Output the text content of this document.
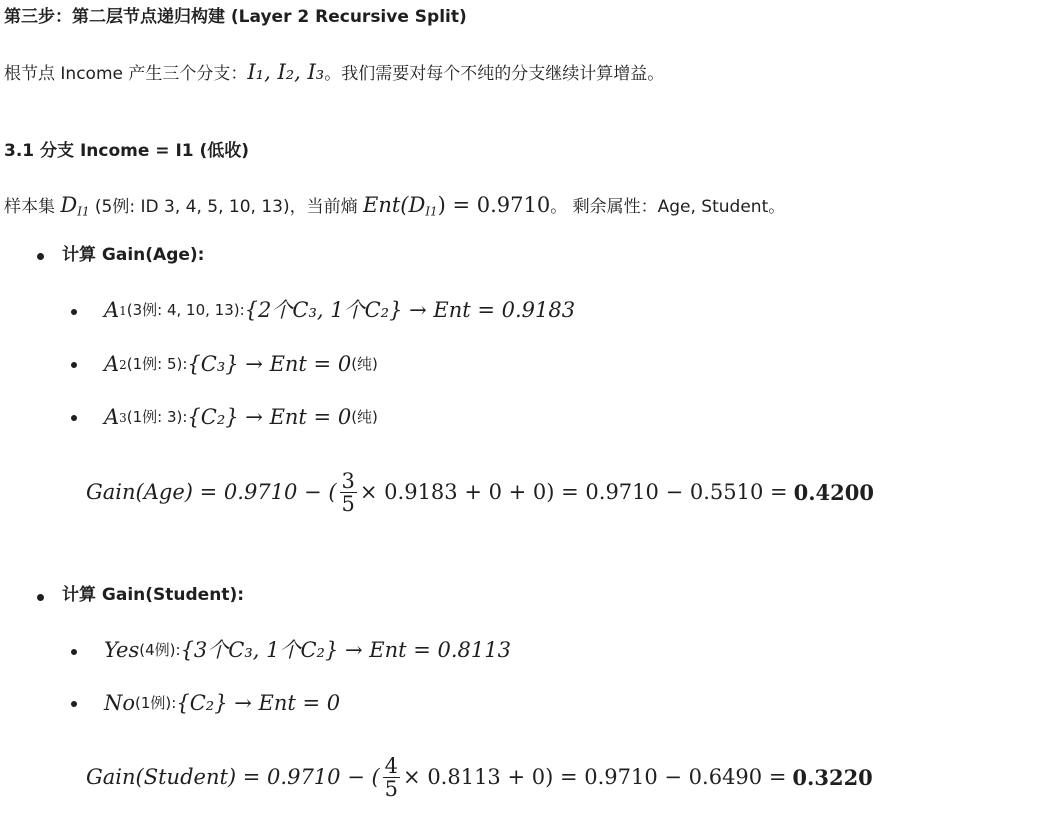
第三步：第二层节点递归构建 (Layer 2 Recursive Split)

根节点 Income 产生三个分支：I₁, I₂, I₃。我们需要对每个不纯的分支继续计算增益。

3.1 分支 Income = I1 (低收)

样本集 $D_{I1}$ (5例: ID 3, 4, 5, 10, 13)，当前熵 $Ent(D_{I1}) = 0.9710$。 剩余属性：Age, Student。

计算 Gain(Age):
A 1 (3例: 4, 10, 13): {2个C₃, 1个C₂} → Ent = 0.9183
A 2 (1例: 5): {C₃} → Ent = 0 (纯)
A 3 (1例: 3): {C₂} → Ent = 0 (纯)
Gain(Age) = 0.9710 − ( $\frac{3}{5} \times 0.9183 + 0 + 0) = 0.9710 - 0.5510 = 0.4200$
计算 Gain(Student):
Yes (4例): {3个C₃, 1个C₂} → Ent = 0.8113
No (1例): {C₂} → Ent = 0
Gain(Student) = 0.9710 − ( $\frac{4}{5} \times 0.8113 + 0) = 0.9710 - 0.6490 = 0.3220$
